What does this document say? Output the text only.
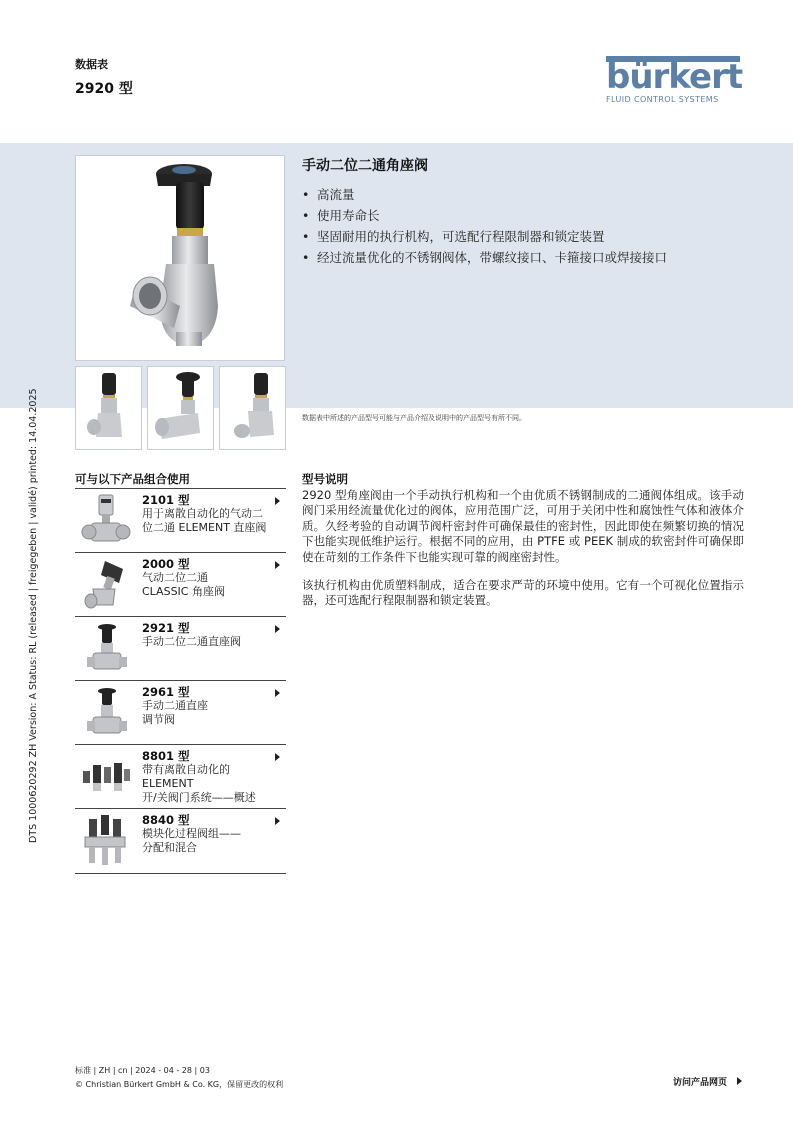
数据表
2920 型	bürkert
FLUID CONTROL SYSTEMS
DTS 1000620292 ZH Version: A Status: RL (released | freigegeben | validé) printed: 14.04.2025
手动二位二通角座阀
• 高流量
• 使用寿命长
• 坚固耐用的执行机构，可选配行程限制器和锁定装置
• 经过流量优化的不锈钢阀体，带螺纹接口、卡箍接口或焊接接口
数据表中所述的产品型号可能与产品介绍及说明中的产品型号有所不同。
可与以下产品组合使用
2101 型
用于离散自动化的气动二位二通 ELEMENT 直座阀
2000 型
气动二位二通
CLASSIC 角座阀
2921 型
手动二位二通直座阀
2961 型
手动二通直座
调节阀
8801 型
带有离散自动化的
ELEMENT
开/关阀门系统——概述
8840 型
模块化过程阀组——
分配和混合
型号说明

2920 型角座阀由一个手动执行机构和一个由优质不锈钢制成的二通阀体组成。该手动阀门采用经流量优化过的阀体，应用范围广泛，可用于关闭中性和腐蚀性气体和液体介质。久经考验的自动调节阀杆密封件可确保最佳的密封性，因此即使在频繁切换的情况下也能实现低维护运行。根据不同的应用，由 PTFE 或 PEEK 制成的软密封件可确保即使在苛刻的工作条件下也能实现可靠的阀座密封性。

该执行机构由优质塑料制成，适合在要求严苛的环境中使用。它有一个可视化位置指示器，还可选配行程限制器和锁定装置。

标准 | ZH | cn | 2024 - 04 - 28 | 03
© Christian Bürkert GmbH & Co. KG，保留更改的权利	访问产品网页
